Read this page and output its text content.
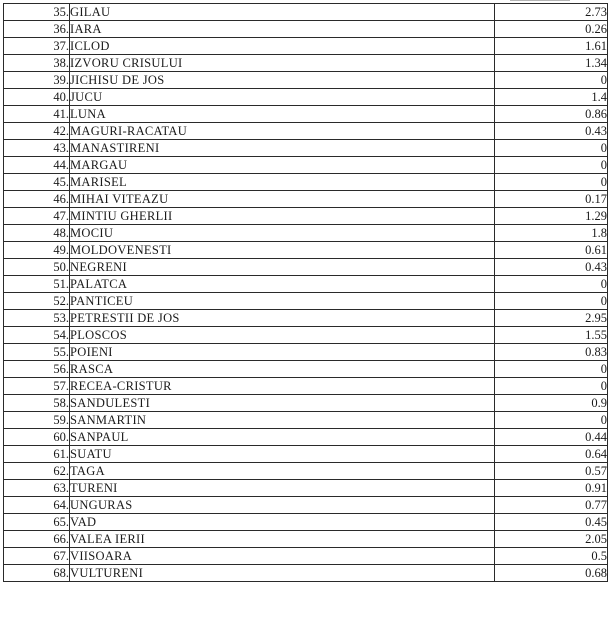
35.	GILAU	2.73
36.	IARA	0.26
37.	ICLOD	1.61
38.	IZVORU CRISULUI	1.34
39.	JICHISU DE JOS	0
40.	JUCU	1.4
41.	LUNA	0.86
42.	MAGURI-RACATAU	0.43
43.	MANASTIRENI	0
44.	MARGAU	0
45.	MARISEL	0
46.	MIHAI VITEAZU	0.17
47.	MINTIU GHERLII	1.29
48.	MOCIU	1.8
49.	MOLDOVENESTI	0.61
50.	NEGRENI	0.43
51.	PALATCA	0
52.	PANTICEU	0
53.	PETRESTII DE JOS	2.95
54.	PLOSCOS	1.55
55.	POIENI	0.83
56.	RASCA	0
57.	RECEA-CRISTUR	0
58.	SANDULESTI	0.9
59.	SANMARTIN	0
60.	SANPAUL	0.44
61.	SUATU	0.64
62.	TAGA	0.57
63.	TURENI	0.91
64.	UNGURAS	0.77
65.	VAD	0.45
66.	VALEA IERII	2.05
67.	VIISOARA	0.5
68.	VULTURENI	0.68
